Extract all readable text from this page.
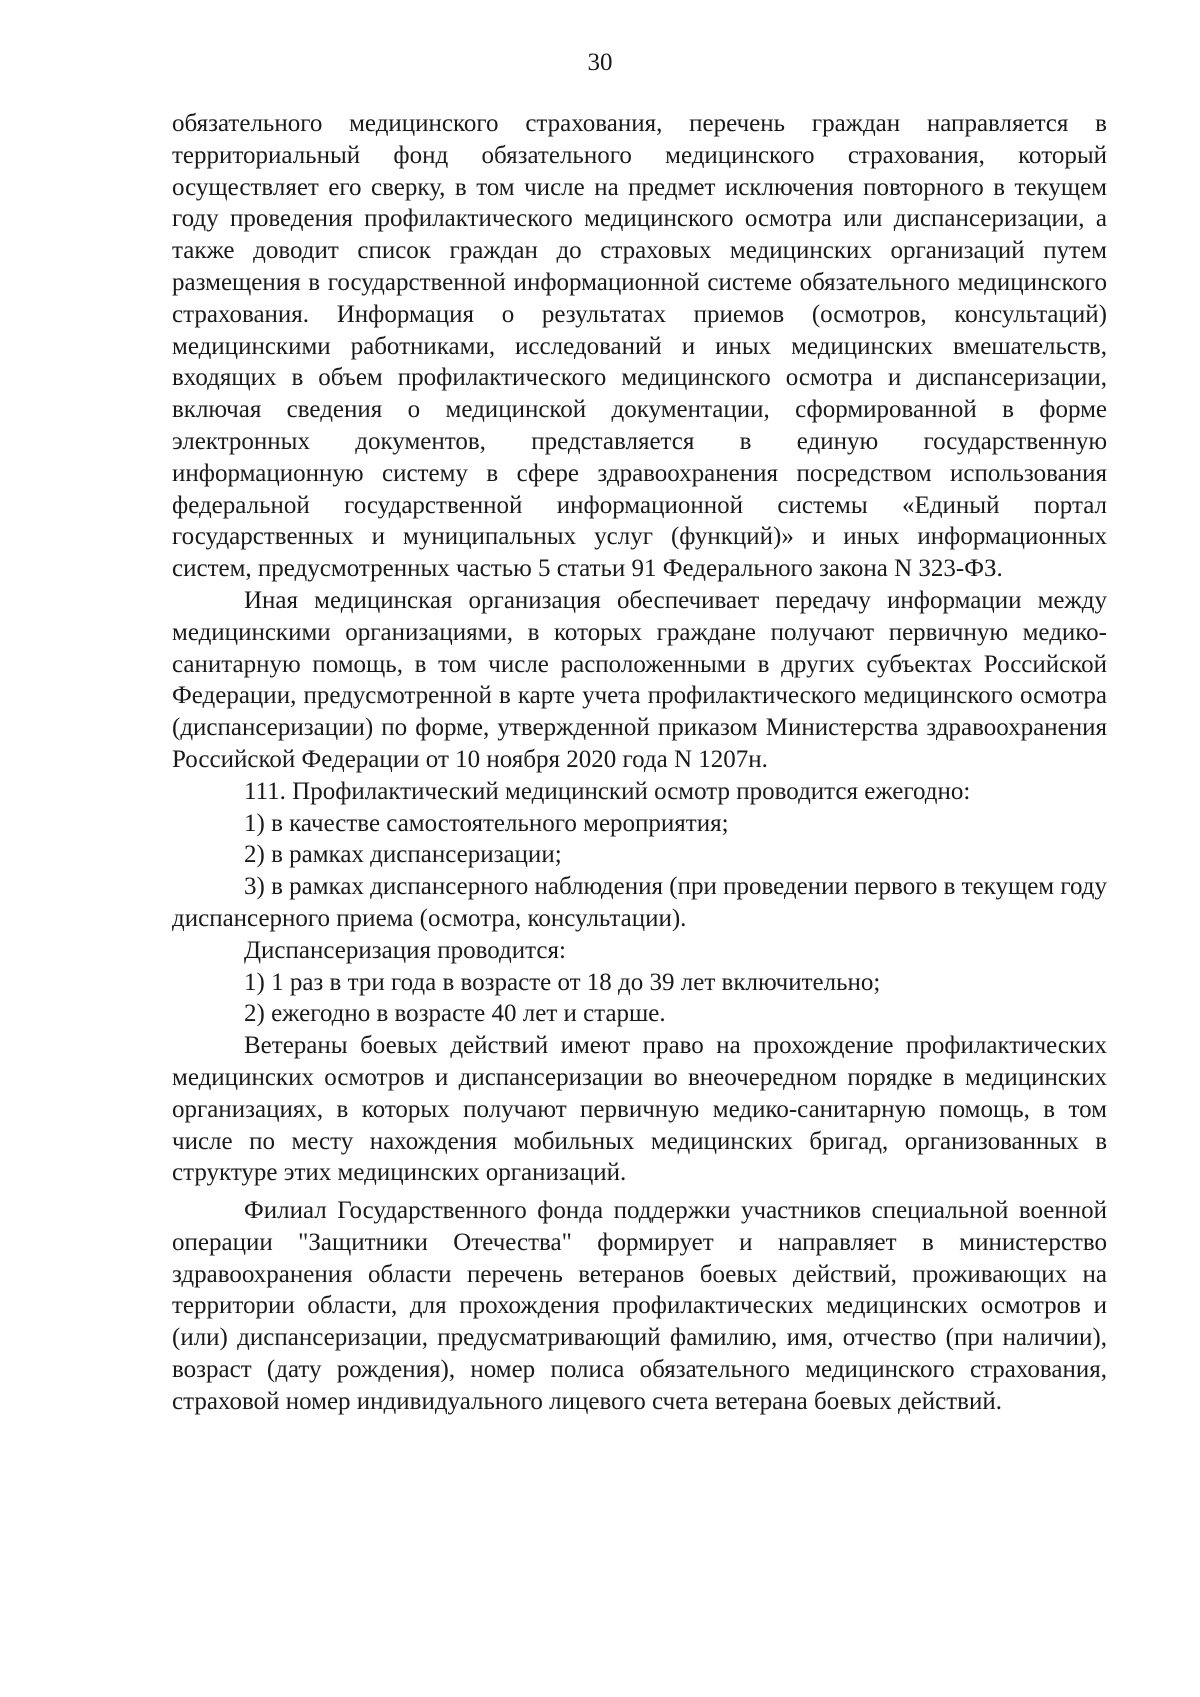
30

обязательного медицинского страхования, перечень граждан направляется в территориальный фонд обязательного медицинского страхования, который осуществляет его сверку, в том числе на предмет исключения повторного в текущем году проведения профилактического медицинского осмотра или диспансеризации, а также доводит список граждан до страховых медицинских организаций путем размещения в государственной информационной системе обязательного медицинского страхования. Информация о результатах приемов (осмотров, консультаций) медицинскими работниками, исследований и иных медицинских вмешательств, входящих в объем профилактического медицинского осмотра и диспансеризации, включая сведения о медицинской документации, сформированной в форме электронных документов, представляется в единую государственную информационную систему в сфере здравоохранения посредством использования федеральной государственной информационной системы «Единый портал государственных и муниципальных услуг (функций)» и иных информационных систем, предусмотренных частью 5 статьи 91 Федерального закона N 323-ФЗ.

Иная медицинская организация обеспечивает передачу информации между медицинскими организациями, в которых граждане получают первичную медико-санитарную помощь, в том числе расположенными в других субъектах Российской Федерации, предусмотренной в карте учета профилактического медицинского осмотра (диспансеризации) по форме, утвержденной приказом Министерства здравоохранения Российской Федерации от 10 ноября 2020 года N 1207н.

111. Профилактический медицинский осмотр проводится ежегодно:

1) в качестве самостоятельного мероприятия;

2) в рамках диспансеризации;

3) в рамках диспансерного наблюдения (при проведении первого в текущем году диспансерного приема (осмотра, консультации).

Диспансеризация проводится:

1) 1 раз в три года в возрасте от 18 до 39 лет включительно;

2) ежегодно в возрасте 40 лет и старше.

Ветераны боевых действий имеют право на прохождение профилактических медицинских осмотров и диспансеризации во внеочередном порядке в медицинских организациях, в которых получают первичную медико-санитарную помощь, в том числе по месту нахождения мобильных медицинских бригад, организованных в структуре этих медицинских организаций.

Филиал Государственного фонда поддержки участников специальной военной операции "Защитники Отечества" формирует и направляет в министерство здравоохранения области перечень ветеранов боевых действий, проживающих на территории области, для прохождения профилактических медицинских осмотров и (или) диспансеризации, предусматривающий фамилию, имя, отчество (при наличии), возраст (дату рождения), номер полиса обязательного медицинского страхования, страховой номер индивидуального лицевого счета ветерана боевых действий.
